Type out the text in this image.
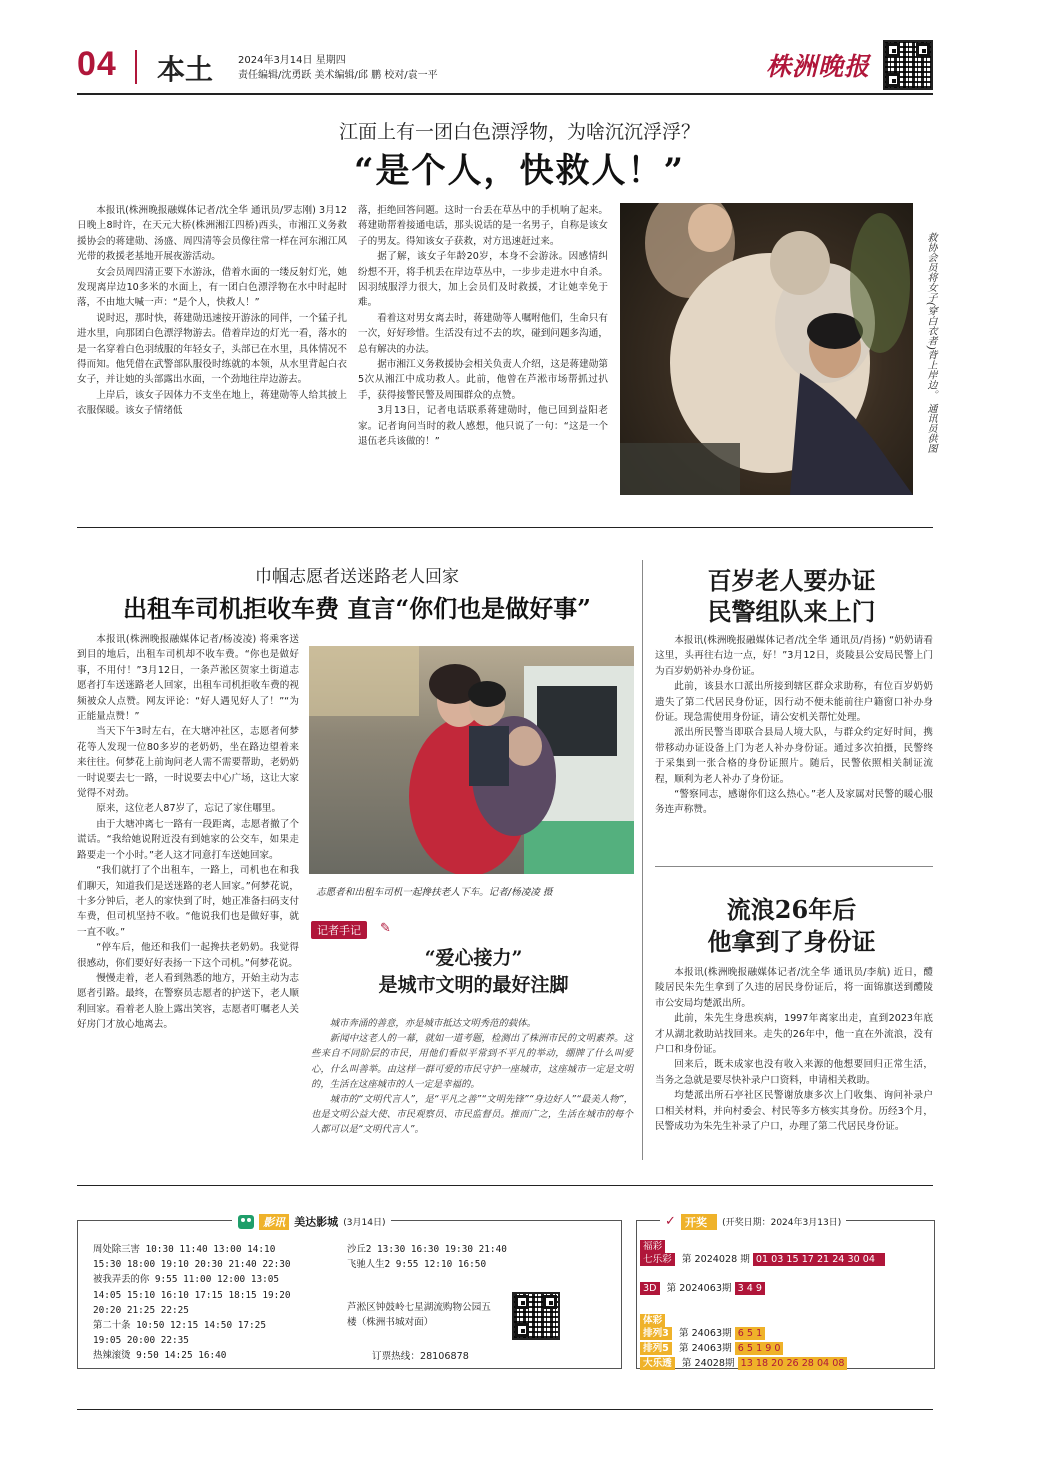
04 本土 2024年3月14日 星期四
责任编辑/沈勇跃 美术编辑/邱 鹏 校对/袁一平	株洲晚报
江面上有一团白色漂浮物，为啥沉沉浮浮？
“是个人，快救人！”

本报讯(株洲晚报融媒体记者/沈全华 通讯员/罗志刚) 3月12日晚上8时许，在天元大桥(株洲湘江四桥)西头，市湘江义务救援协会的蒋建勋、汤盛、周四清等会员像往常一样在河东湘江风光带的救援老基地开展夜游活动。

女会员周四清正要下水游泳，借着水面的一缕反射灯光，她发现离岸边10多米的水面上，有一团白色漂浮物在水中时起时落，不由地大喊一声：“是个人，快救人！”

说时迟，那时快，蒋建勋迅速按开游泳的同伴，一个猛子扎进水里，向那团白色漂浮物游去。借着岸边的灯光一看，落水的是一名穿着白色羽绒服的年轻女子，头部已在水里，具体情况不得而知。他凭借在武警部队服役时练就的本领，从水里背起白衣女子，并让她的头部露出水面，一个劲地往岸边游去。

上岸后，该女子因体力不支坐在地上，蒋建勋等人给其披上衣服保暖。该女子情绪低

落，拒绝回答问题。这时一台丢在草丛中的手机响了起来。蒋建勋帮着接通电话，那头说话的是一名男子，自称是该女子的男友。得知该女子获救，对方迅速赶过来。

据了解，该女子年龄20岁，本身不会游泳。因感情纠纷想不开，将手机丢在岸边草丛中，一步步走进水中自杀。因羽绒服浮力很大，加上会员们及时救援，才让她幸免于难。

看着这对男女离去时，蒋建勋等人嘱咐他们，生命只有一次，好好珍惜。生活没有过不去的坎，碰到问题多沟通，总有解决的办法。

据市湘江义务救援协会相关负责人介绍，这是蒋建勋第5次从湘江中成功救人。此前，他曾在芦淞市场帮抓过扒手，获得接警民警及周围群众的点赞。

3月13日，记者电话联系蒋建勋时，他已回到益阳老家。记者询问当时的救人感想，他只说了一句：“这是一个退伍老兵该做的！”	救协会员将女子(穿白衣者)背上岸边。 通讯员供图
巾帼志愿者送迷路老人回家
出租车司机拒收车费 直言“你们也是做好事”

本报讯(株洲晚报融媒体记者/杨凌凌) 将乘客送到目的地后，出租车司机却不收车费。“你也是做好事，不用付！”3月12日，一条芦淞区贺家土街道志愿者打车送迷路老人回家，出租车司机拒收车费的视频被众人点赞。网友评论：“好人遇见好人了！”“为正能量点赞！”

当天下午3时左右，在大塘冲社区，志愿者何梦花等人发现一位80多岁的老奶奶，坐在路边望着来来往往。何梦花上前询问老人需不需要帮助，老奶奶一时说要去七一路，一时说要去中心广场，这让大家觉得不对劲。

原来，这位老人87岁了，忘记了家住哪里。

由于大塘冲离七一路有一段距离，志愿者撤了个谎话。“我给她说附近没有到她家的公交车，如果走路要走一个小时。”老人这才同意打车送她回家。

“我们就打了个出租车，一路上，司机也在和我们聊天，知道我们是送迷路的老人回家。”何梦花说，十多分钟后，老人的家快到了时，她正准备扫码支付车费，但司机坚持不收。“他说我们也是做好事，就一直不收。”

“停车后，他还和我们一起搀扶老奶奶。我觉得很感动，你们要好好表扬一下这个司机。”何梦花说。

慢慢走着，老人看到熟悉的地方，开始主动为志愿者引路。最终，在警察员志愿者的护送下，老人顺利回家。看着老人脸上露出笑容，志愿者叮嘱老人关好房门才放心地离去。

志愿者和出租车司机一起搀扶老人下车。记者/杨凌凌 摄
记者手记	✎
“爱心接力”
是城市文明的最好注脚

城市奔涌的善意，亦是城市抵达文明秀范的载体。

新闻中这老人的一幕，就如一道考题，检测出了株洲市民的文明素养。这些来自不同阶层的市民，用他们看似平常到不平凡的举动，绷牌了什么叫爱心，什么叫善举。由这样一群可爱的市民守护一座城市，这座城市一定是文明的，生活在这座城市的人一定是幸福的。

城市的“文明代言人”，是“平凡之善”“文明先锋”“身边好人”“最美人物”，也是文明公益大使、市民观察员、市民监督员。推而广之，生活在城市的每个人都可以是“文明代言人”。

百岁老人要办证
民警组队来上门

本报讯(株洲晚报融媒体记者/沈全华 通讯员/肖扬) “奶奶请看这里，头再往右边一点，好！”3月12日，炎陵县公安局民警上门为百岁奶奶补办身份证。

此前，该县水口派出所接到辖区群众求助称，有位百岁奶奶遗失了第二代居民身份证，因行动不便未能前往户籍窗口补办身份证。现急需使用身份证，请公安机关帮忙处理。

派出所民警当即联合县局人境大队，与群众约定好时间，携带移动办证设备上门为老人补办身份证。通过多次拍摄，民警终于采集到一张合格的身份证照片。随后，民警依照相关制证流程，顺利为老人补办了身份证。

“警察同志，感谢你们这么热心。”老人及家属对民警的暖心服务连声称赞。

流浪26年后
他拿到了身份证

本报讯(株洲晚报融媒体记者/沈全华 通讯员/李航) 近日，醴陵居民朱先生拿到了久违的居民身份证后，将一面锦旗送到醴陵市公安局均楚派出所。

此前，朱先生身患疾病，1997年离家出走，直到2023年底才从湖北救助站找回来。走失的26年中，他一直在外流浪，没有户口和身份证。

回来后，既未成家也没有收入来源的他想要回归正常生活，当务之急就是要尽快补录户口资料，申请相关救助。

均楚派出所石亭社区民警谢放康多次上门收集、询问补录户口相关材料，并向村委会、村民等多方核实其身份。历经3个月，民警成功为朱先生补录了户口，办理了第二代居民身份证。

影讯 美达影城 (3月14日)
周处除三害 10:30 11:40 13:00 14:10
15:30 18:00 19:10 20:30 21:40 22:30
被我弄丢的你 9:55 11:00 12:00 13:05
14:05 15:10 16:10 17:15 18:15 19:20
20:20 21:25 22:25
第二十条 10:50 12:15 14:50 17:25
19:05 20:00 22:35
热辣滚烫 9:50 14:25 16:40
沙丘2 13:30 16:30 19:30 21:40
飞驰人生2 9:55 12:10 16:50
芦淞区钟鼓岭七星湖流购物公园五楼（株洲书城对面）
订票热线：28106878
✓ 开奖 (开奖日期：2024年3月13日)
福彩
七乐彩 第 2024028 期 01 03 15 17 21 24 30 04
3D 第 2024063期 3 4 9
体彩
排列3 第 24063期 6 5 1
排列5 第 24063期 6 5 1 9 0
大乐透 第 24028期 13 18 20 26 28 04 08
